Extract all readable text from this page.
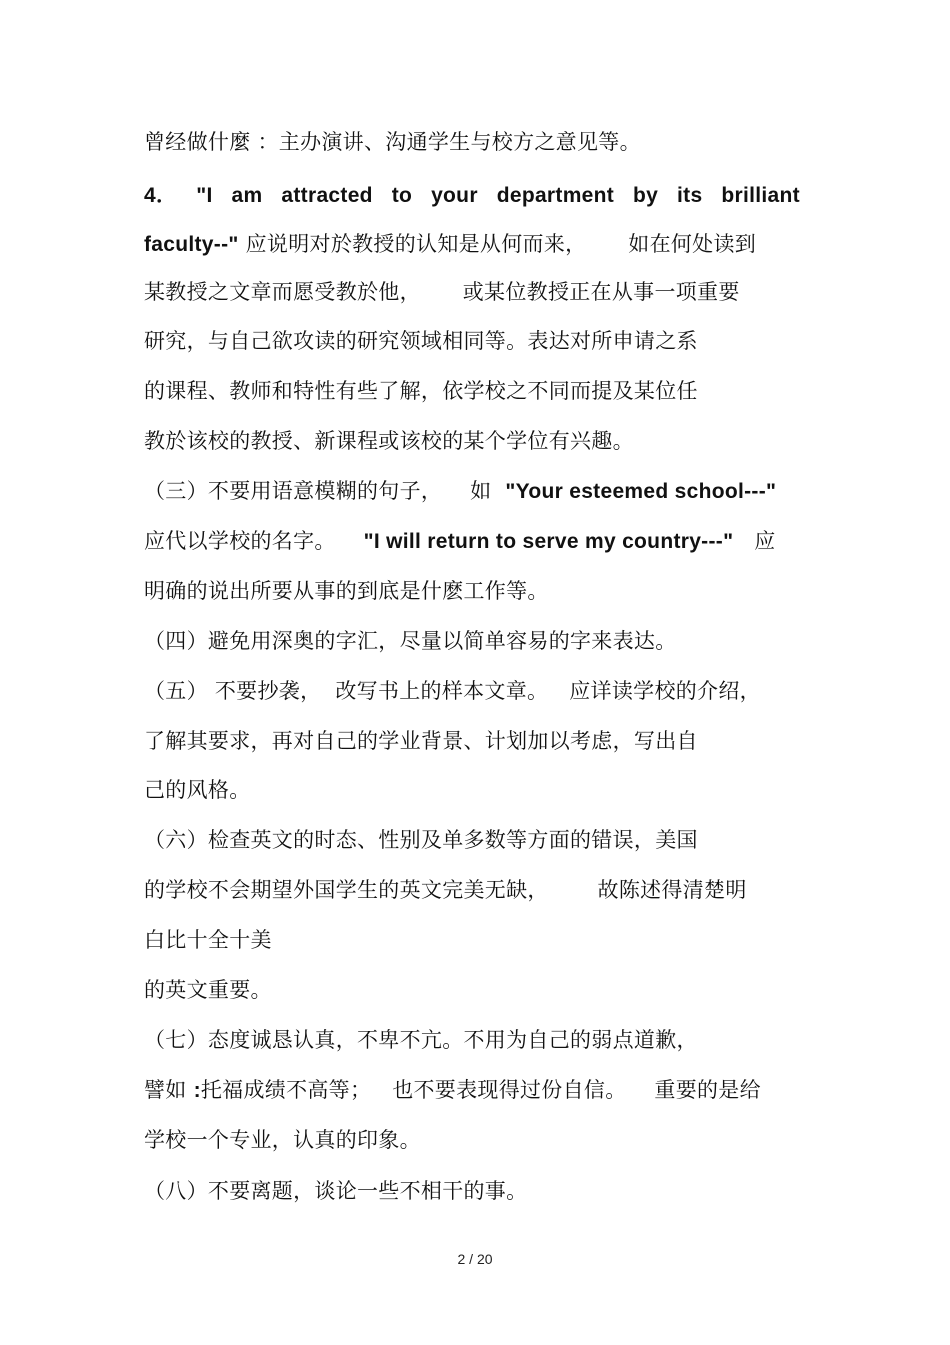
曾经做什麼 ：主办演讲、沟通学生与校方之意见等。
4． "I am attracted to your department by its brilliant
faculty--" 应说明对於教授的认知是从何而来，      如在何处读到
某教授之文章而愿受教於他，      或某位教授正在从事一项重要
研究，与自己欲攻读的研究领域相同等。表达对所申请之系
的课程、教师和特性有些了解，依学校之不同而提及某位任
教於该校的教授、新课程或该校的某个学位有兴趣。
（三）不要用语意模糊的句子，    如  "Your esteemed school---"
应代以学校的名字。    "I will return to serve my country---"   应
明确的说出所要从事的到底是什麽工作等。
（四）避免用深奥的字汇，尽量以简单容易的字来表达。
（五） 不要抄袭，  改写书上的样本文章。   应详读学校的介绍，
了解其要求，再对自己的学业背景、计划加以考虑，写出自
己的风格。
（六）检查英文的时态、性别及单多数等方面的错误，美国
的学校不会期望外国学生的英文完美无缺，       故陈述得清楚明
白比十全十美
的英文重要。
（七）态度诚恳认真，不卑不亢。不用为自己的弱点道歉，
譬如 :托福成绩不高等；   也不要表现得过份自信。    重要的是给
学校一个专业，认真的印象。
（八）不要离题，谈论一些不相干的事。
2 / 20
